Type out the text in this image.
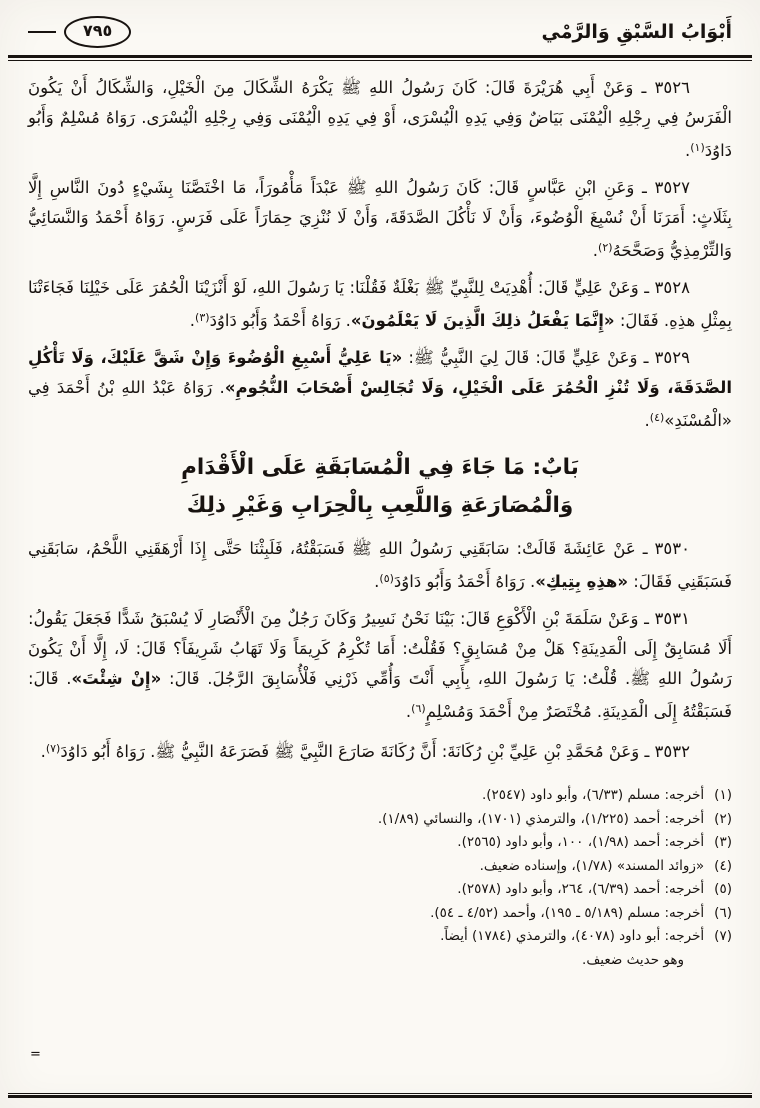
أَبْوَابُ السَّبْقِ وَالرَّمْي
٧٩٥

٣٥٢٦ ـ وَعَنْ أَبِي هُرَيْرَةَ قَالَ: كَانَ رَسُولُ اللهِ ﷺ يَكْرَهُ الشِّكَالَ مِنَ الْخَيْلِ، وَالشِّكَالُ أَنْ يَكُونَ الْفَرَسُ فِي رِجْلِهِ الْيُمْنَى بَيَاضٌ وَفِي يَدِهِ الْيُسْرَى، أَوْ فِي يَدِهِ الْيُمْنَى وَفِي رِجْلِهِ الْيُسْرَى. رَوَاهُ مُسْلِمٌ وَأَبُو دَاوُدَ$^{(١)}$.

٣٥٢٧ ـ وَعَنِ ابْنِ عَبَّاسٍ قَالَ: كَانَ رَسُولُ اللهِ ﷺ عَبْدَاً مَأْمُورَاً، مَا اخْتَصَّنَا بِشَيْءٍ دُونَ النَّاسِ إِلَّا بِثَلَاثٍ: أَمَرَنَا أَنْ نُسْبِغَ الْوُضُوءَ، وَأَنْ لَا نَأْكُلَ الصَّدَقَةَ، وَأَنْ لَا نُنْزِيَ حِمَارَاً عَلَى فَرَسٍ. رَوَاهُ أَحْمَدُ وَالنَّسَائِيُّ وَالتِّرْمِذِيُّ وَصَحَّحَهُ$^{(٢)}$.

٣٥٢٨ ـ وَعَنْ عَلِيٍّ قَالَ: أُهْدِيَتْ لِلنَّبِيِّ ﷺ بَغْلَةٌ فَقُلْنَا: يَا رَسُولَ اللهِ، لَوْ أَنْزَيْنَا الْحُمُرَ عَلَى خَيْلِنَا فَجَاءَتْنَا بِمِثْلِ هذِهِ. فَقَالَ: «إِنَّمَا يَفْعَلُ ذلِكَ الَّذِينَ لَا يَعْلَمُونَ». رَوَاهُ أَحْمَدُ وَأَبُو دَاوُدَ$^{(٣)}$.

٣٥٢٩ ـ وَعَنْ عَلِيٍّ قَالَ: قَالَ لِيَ النَّبِيُّ ﷺ: «يَا عَلِيُّ أَسْبِغِ الْوُضُوءَ وَإِنْ شَقَّ عَلَيْكَ، وَلَا تَأْكُلِ الصَّدَقَةَ، وَلَا تُنْزِ الْحُمُرَ عَلَى الْخَيْلِ، وَلَا تُجَالِسْ أَصْحَابَ النُّجُومِ». رَوَاهُ عَبْدُ اللهِ بْنُ أَحْمَدَ فِي «الْمُسْنَدِ»$^{(٤)}$.

بَابٌ: مَا جَاءَ فِي الْمُسَابَقَةِ عَلَى الْأَقْدَامِ
وَالْمُصَارَعَةِ وَاللَّعِبِ بِالْحِرَابِ وَغَيْرِ ذلِكَ

٣٥٣٠ ـ عَنْ عَائِشَةَ قَالَتْ: سَابَقَنِي رَسُولُ اللهِ ﷺ فَسَبَقْتُهُ، فَلَبِثْنَا حَتَّى إِذَا أَرْهَقَنِي اللَّحْمُ، سَابَقَنِي فَسَبَقَنِي فَقَالَ: «هذِهِ بِتِيكِ». رَوَاهُ أَحْمَدُ وَأَبُو دَاوُدَ$^{(٥)}$.

٣٥٣١ ـ وَعَنْ سَلَمَةَ بْنِ الْأَكْوَعِ قَالَ: بَيْنَا نَحْنُ نَسِيرُ وَكَانَ رَجُلٌ مِنَ الْأَنْصَارِ لَا يُسْبَقُ شَدًّا فَجَعَلَ يَقُولُ: أَلَا مُسَابِقٌ إِلَى الْمَدِينَةِ؟ هَلْ مِنْ مُسَابِقٍ؟ فَقُلْتُ: أَمَا تُكْرِمُ كَرِيمَاً وَلَا تَهَابُ شَرِيفَاً؟ قَالَ: لَا، إِلَّا أَنْ يَكُونَ رَسُولُ اللهِ ﷺ. قُلْتُ: يَا رَسُولَ اللهِ، بِأَبِي أَنْتَ وَأُمِّي ذَرْنِي فَلْأُسَابِقَ الرَّجُلَ. قَالَ: «إِنْ شِئْتَ». قَالَ: فَسَبَقْتُهُ إِلَى الْمَدِينَةِ. مُخْتَصَرٌ مِنْ أَحْمَدَ وَمُسْلِمٍ$^{(٦)}$.

٣٥٣٢ ـ وَعَنْ مُحَمَّدِ بْنِ عَلِيِّ بْنِ رُكَانَةَ: أَنَّ رُكَانَةَ صَارَعَ النَّبِيَّ ﷺ فَصَرَعَهُ النَّبِيُّ ﷺ. رَوَاهُ أَبُو دَاوُدَ$^{(٧)}$.

(١)
أخرجه: مسلم (٦/٣٣)، وأبو داود (٢٥٤٧).
(٢)
أخرجه: أحمد (١/٢٢٥)، والترمذي (١٧٠١)، والنسائي (١/٨٩).
(٣)
أخرجه: أحمد (١/٩٨)، ١٠٠، وأبو داود (٢٥٦٥).
(٤)
«زوائد المسند» (١/٧٨)، وإسناده ضعيف.
(٥)
أخرجه: أحمد (٦/٣٩)، ٢٦٤، وأبو داود (٢٥٧٨).
(٦)
أخرجه: مسلم (٥/١٨٩ ـ ١٩٥)، وأحمد (٤/٥٢ ـ ٥٤).
(٧)
أخرجه: أبو داود (٤٠٧٨)، والترمذي (١٧٨٤) أيضاً.
وهو حديث ضعيف.
=
